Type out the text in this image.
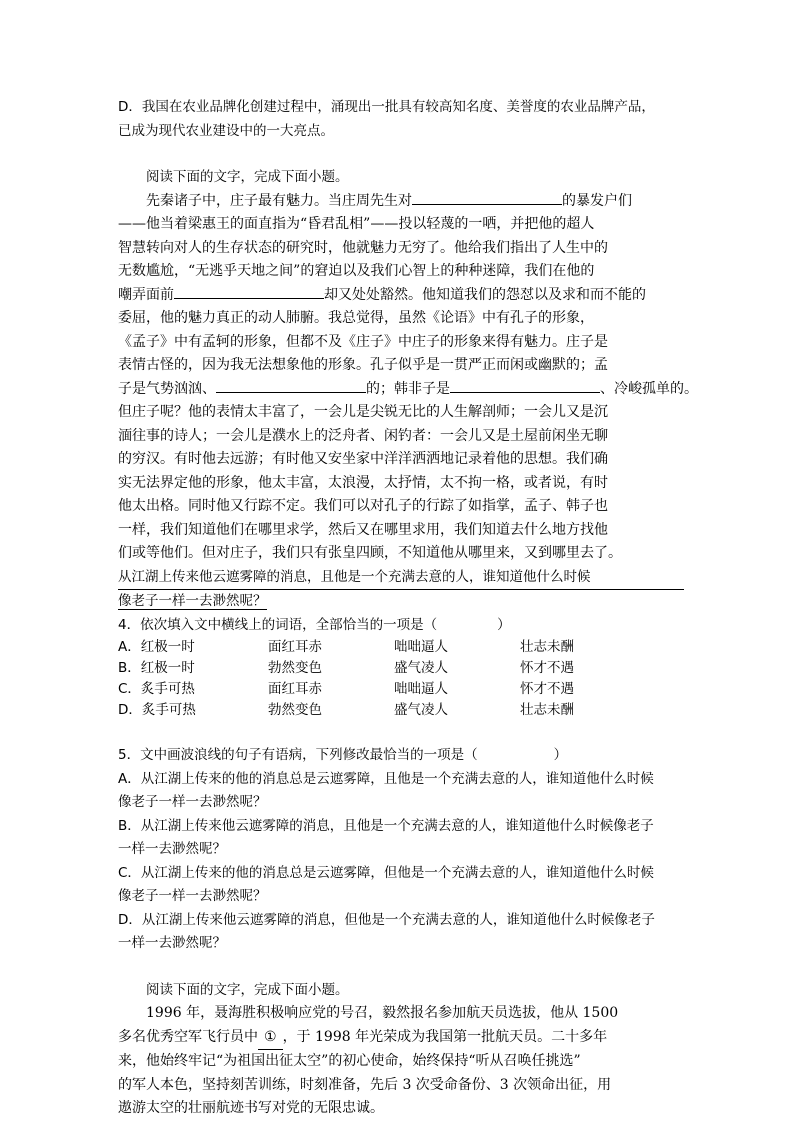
D．我国在农业品牌化创建过程中，涌现出一批具有较高知名度、美誉度的农业品牌产品，
已成为现代农业建设中的一大亮点。
阅读下面的文字，完成下面小题。
先秦诸子中，庄子最有魅力。当庄周先生对	的暴发户们
——他当着梁惠王的面直指为“昏君乱相”——投以轻蔑的一哂，并把他的超人
智慧转向对人的生存状态的研究时，他就魅力无穷了。他给我们指出了人生中的
无数尴尬，“无逃乎天地之间”的窘迫以及我们心智上的种种迷障，我们在他的
嘲弄面前	却又处处豁然。他知道我们的怨怼以及求和而不能的
委屈，他的魅力真正的动人肺腑。我总觉得，虽然《论语》中有孔子的形象，
《孟子》中有孟轲的形象，但都不及《庄子》中庄子的形象来得有魅力。庄子是
表情古怪的，因为我无法想象他的形象。孔子似乎是一贯严正而闲或幽默的；孟
子是气势汹汹、	的；韩非子是	、冷峻孤单的。
但庄子呢？他的表情太丰富了，一会儿是尖锐无比的人生解剖师；一会儿又是沉
湎往事的诗人；一会儿是濮水上的泛舟者、闲钓者：一会儿又是土屋前闲坐无聊
的穷汉。有时他去远游；有时他又安坐家中洋洋洒洒地记录着他的思想。我们确
实无法界定他的形象，他太丰富，太浪漫，太抒情，太不拘一格，或者说，有时
他太出格。同时他又行踪不定。我们可以对孔子的行踪了如指掌，孟子、韩子也
一样，我们知道他们在哪里求学，然后又在哪里求用，我们知道去什么地方找他
们或等他们。但对庄子，我们只有张皇四顾，不知道他从哪里来，又到哪里去了。
从江湖上传来他云遮雾障的消息，且他是一个充满去意的人，谁知道他什么时候
像老子一样一去渺然呢？
4．依次填入文中横线上的词语，全部恰当的一项是（	）
A．红极一时	面红耳赤	咄咄逼人	壮志未酬
B．红极一时	勃然变色	盛气凌人	怀才不遇
C．炙手可热	面红耳赤	咄咄逼人	怀才不遇
D．炙手可热	勃然变色	盛气凌人	壮志未酬
5．文中画波浪线的句子有语病，下列修改最恰当的一项是（	）
A．从江湖上传来的他的消息总是云遮雾障，且他是一个充满去意的人，谁知道他什么时候
像老子一样一去渺然呢？
B．从江湖上传来他云遮雾障的消息，且他是一个充满去意的人，谁知道他什么时候像老子
一样一去渺然呢？
C．从江湖上传来的他的消息总是云遮雾障，但他是一个充满去意的人，谁知道他什么时候
像老子一样一去渺然呢？
D．从江湖上传来他云遮雾障的消息，但他是一个充满去意的人，谁知道他什么时候像老子
一样一去渺然呢？
阅读下面的文字，完成下面小题。
1996 年，聂海胜积极响应党的号召，毅然报名参加航天员选拔，他从 1500
多名优秀空军飞行员中 ① ，于 1998 年光荣成为我国第一批航天员。二十多年
来，他始终牢记“为祖国出征太空”的初心使命，始终保持“听从召唤任挑选”
的军人本色，坚持刻苦训练，时刻准备，先后 3 次受命备份、3 次领命出征，用
遨游太空的壮丽航迹书写对党的无限忠诚。
